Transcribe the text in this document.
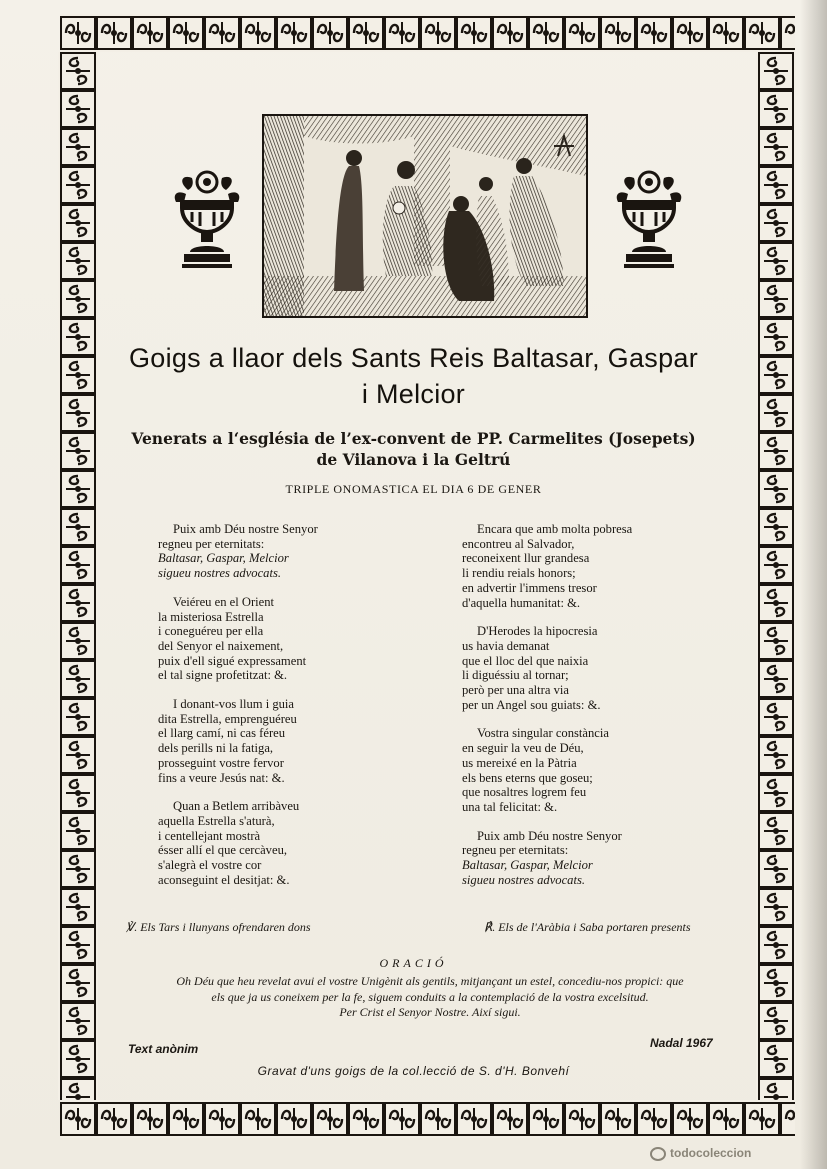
Goigs a llaor dels Sants Reis Baltasar, Gaspar
i Melcior
Venerats a l‘església de l’ex-convent de PP. Carmelites (Josepets)
de Vilanova i la Geltrú
TRIPLE ONOMASTICA EL DIA 6 DE GENER
Puix amb Déu nostre Senyor
regneu per eternitats:
Baltasar, Gaspar, Melcior
sigueu nostres advocats.
Veiéreu en el Orient
la misteriosa Estrella
i coneguéreu per ella
del Senyor el naixement,
puix d'ell sigué expressament
el tal signe profetitzat: &.
I donant-vos llum i guia
dita Estrella, emprenguéreu
el llarg camí, ni cas féreu
dels perills ni la fatiga,
prosseguint vostre fervor
fins a veure Jesús nat: &.
Quan a Betlem arribàveu
aquella Estrella s'aturà,
i centellejant mostrà
ésser allí el que cercàveu,
s'alegrà el vostre cor
aconseguint el desitjat: &.
Encara que amb molta pobresa
encontreu al Salvador,
reconeixent llur grandesa
li rendiu reials honors;
en advertir l'immens tresor
d'aquella humanitat: &.
D'Herodes la hipocresia
us havia demanat
que el lloc del que naixia
li diguéssiu al tornar;
però per una altra via
per un Angel sou guiats: &.
Vostra singular constància
en seguir la veu de Déu,
us mereixé en la Pàtria
els bens eterns que goseu;
que nosaltres logrem feu
una tal felicitat: &.
Puix amb Déu nostre Senyor
regneu per eternitats:
Baltasar, Gaspar, Melcior
sigueu nostres advocats.
℣. Els Tars i llunyans ofrendaren dons	℟. Els de l'Aràbia i Saba portaren presents
ORACIÓ
Oh Déu que heu revelat avui el vostre Unigènit als gentils, mitjançant un estel, concediu-nos propici: que
els que ja us coneixem per la fe, siguem conduits a la contemplació de la vostra excelsitud.
Per Crist el Senyor Nostre. Així sigui.
Text anònim	Nadal 1967
Gravat d'uns goigs de la col.lecció de S. d'H. Bonvehí
todocoleccion
